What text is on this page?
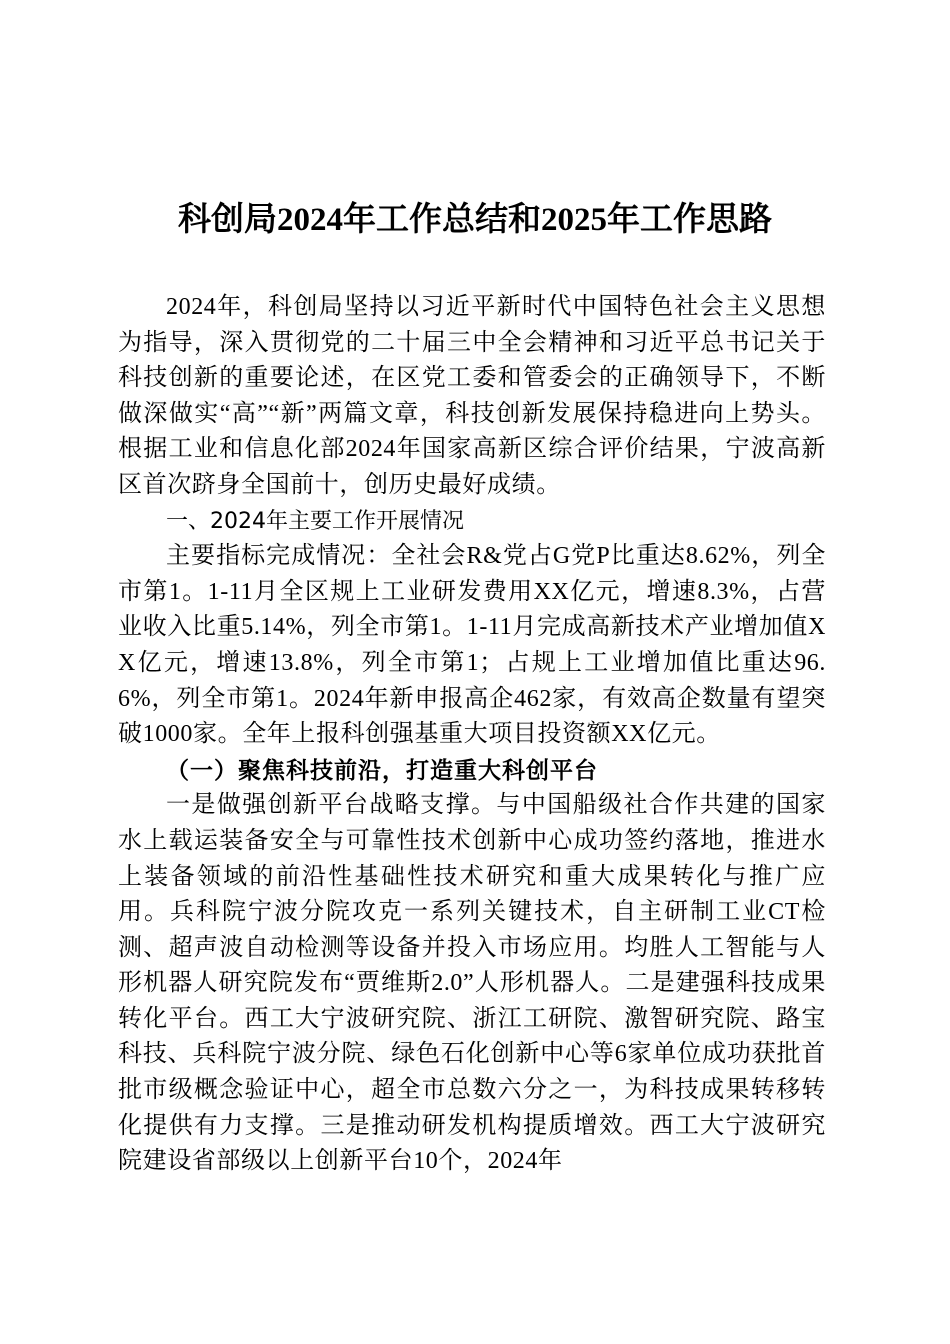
科创局2024年工作总结和2025年工作思路

2024年，科创局坚持以习近平新时代中国特色社会主义思想为指导，深入贯彻党的二十届三中全会精神和习近平总书记关于科技创新的重要论述，在区党工委和管委会的正确领导下，不断做深做实“高”“新”两篇文章，科技创新发展保持稳进向上势头。根据工业和信息化部2024年国家高新区综合评价结果，宁波高新区首次跻身全国前十，创历史最好成绩。

一、2024年主要工作开展情况

主要指标完成情况：全社会R&党占G党P比重达8.62%，列全市第1。1-11月全区规上工业研发费用XX亿元，增速8.3%，占营业收入比重5.14%，列全市第1。1-11月完成高新技术产业增加值XX亿元，增速13.8%，列全市第1；占规上工业增加值比重达96.6%，列全市第1。2024年新申报高企462家，有效高企数量有望突破1000家。全年上报科创强基重大项目投资额XX亿元。

（一）聚焦科技前沿，打造重大科创平台

一是做强创新平台战略支撑。与中国船级社合作共建的国家水上载运装备安全与可靠性技术创新中心成功签约落地，推进水上装备领域的前沿性基础性技术研究和重大成果转化与推广应用。兵科院宁波分院攻克一系列关键技术，自主研制工业CT检测、超声波自动检测等设备并投入市场应用。均胜人工智能与人形机器人研究院发布“贾维斯2.0”人形机器人。二是建强科技成果转化平台。西工大宁波研究院、浙江工研院、激智研究院、路宝科技、兵科院宁波分院、绿色石化创新中心等6家单位成功获批首批市级概念验证中心，超全市总数六分之一，为科技成果转移转化提供有力支撑。三是推动研发机构提质增效。西工大宁波研究院建设省部级以上创新平台10个，2024年
